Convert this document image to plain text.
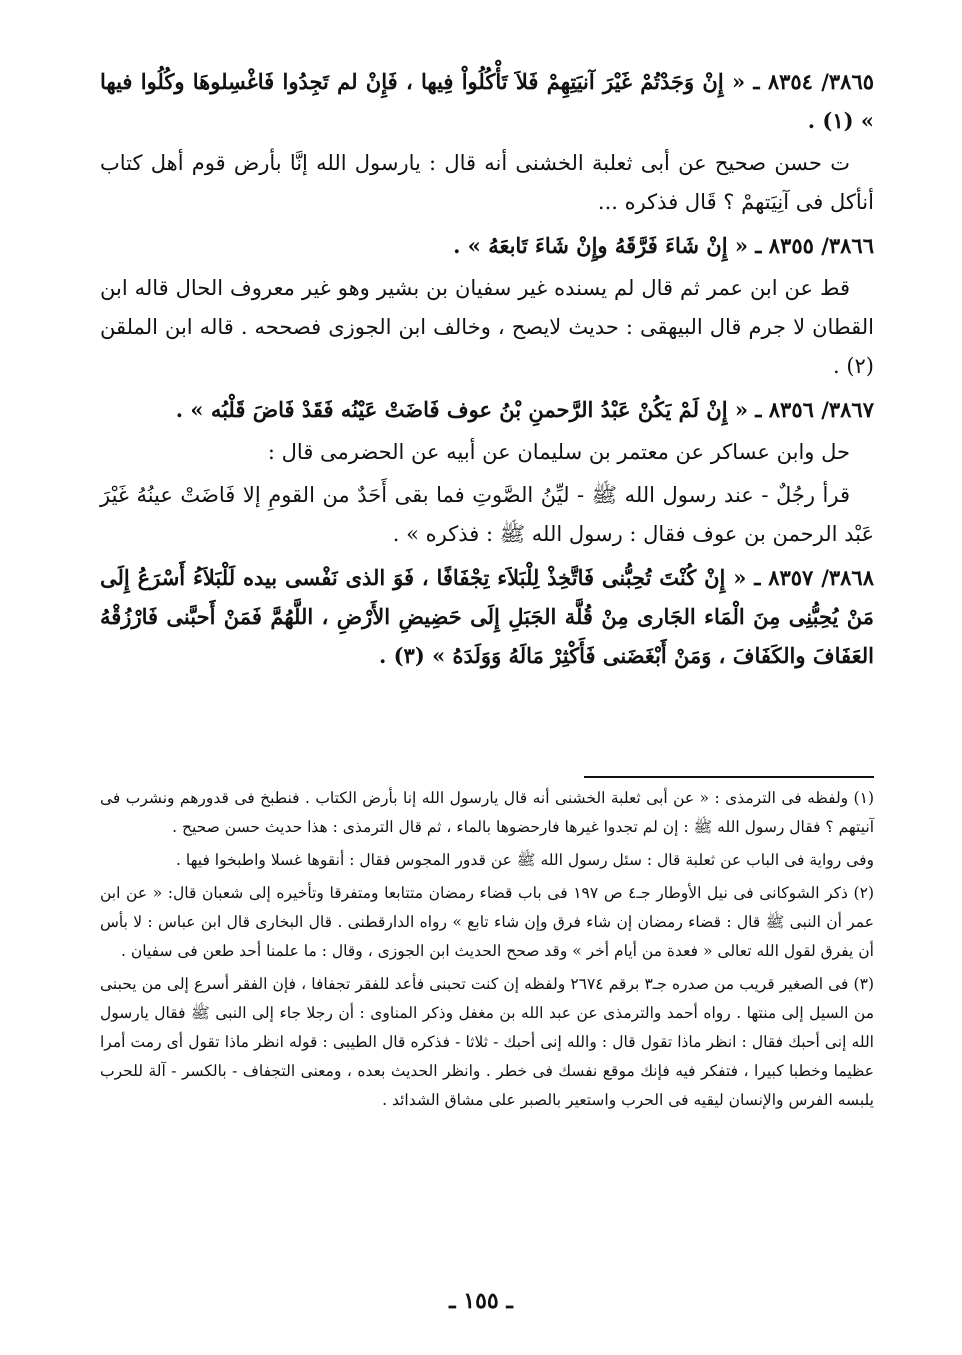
٣٨٦٥/ ٨٣٥٤ ـ « إِنْ وَجَدْتُمْ غَيْرَ آنيَتِهِمْ فَلاَ تَأْكُلُواْ فِيها ، فَإِنْ لم تَجِدُوا فَاغْسِلوهَا وكُلُوا فيها » (١) .

ت حسن صحيح عن أبى ثعلبة الخشنى أنه قال : يارسول الله إنَّا بأرض قوم أهل كتاب أنأكل فى آنِيَتهمْ ؟ قَال فذكره ...

٣٨٦٦/ ٨٣٥٥ ـ « إِنْ شَاءَ فَرَّقَهُ وإِنْ شَاءَ تَابعَهُ » .

قط عن ابن عمر ثم قال لم يسنده غير سفيان بن بشير وهو غير معروف الحال قاله ابن القطان لا جرم قال البيهقى : حديث لايصح ، وخالف ابن الجوزى فصححه . قاله ابن الملقن (٢) .

٣٨٦٧/ ٨٣٥٦ ـ « إِنْ لَمْ يَكُنْ عَبْدُ الرَّحمنِ بْنُ عوف فَاضَتْ عَيْنُه فَقَدْ فَاضَ قَلْبُه » .

حل وابن عساكر عن معتمر بن سليمان عن أبيه عن الحضرمى قال :

قرأ رجُلٌ - عند رسول الله ﷺ - ليِّنُ الصَّوتِ فما بقى أَحَدٌ من القومِ إلا فَاضَتْ عينُهُ غَيْرَ عَبْد الرحمن بن عوف فقال : رسول الله ﷺ : فذكره » .

٣٨٦٨/ ٨٣٥٧ ـ « إِنْ كُنْتَ تُحِبُّنى فَاتَّخِذْ لِلْبَلاَء تِجْفَافًا ، فَوَ الذى نَفْسى بيده لَلْبَلاَءُ أَسْرَعُ إِلَى مَنْ يُحِبُّنِى مِنَ الْمَاء الجَارى مِنْ قُلَّة الجَبَلِ إِلَى حَضِيضِ الأَرْضِ ، اللَّهُمَّ فَمَنْ أَحبَّنى فَارْزُقْهُ العَفَافَ والكَفَافَ ، وَمَنْ أَبْغَضَنى فَأَكْثِرْ مَالَهُ وَوَلَدَهُ » (٣) .

(١) ولفظه فى الترمذى : « عن أبى ثعلبة الخشنى أنه قال يارسول الله إنا بأرض الكتاب . فنطبخ فى قدورهم ونشرب فى آنيتهم ؟ فقال رسول الله ﷺ : إن لم تجدوا غيرها فارحضوها بالماء ، ثم قال الترمذى : هذا حديث حسن صحيح .

وفى رواية فى الباب عن ثعلبة قال : سئل رسول الله ﷺ عن قدور المجوس فقال : أنقوها غسلا واطبخوا فيها .

(٢) ذكر الشوكانى فى نيل الأوطار جـ٤ ص ١٩٧ فى باب قضاء رمضان متتابعا ومتفرقا وتأخيره إلى شعبان قال: « عن ابن عمر أن النبى ﷺ قال : قضاء رمضان إن شاء فرق وإن شاء تابع » رواه الدارقطنى . قال البخارى قال ابن عباس : لا بأس أن يفرق لقول الله تعالى « فعدة من أيام أخر » وقد صحح الحديث ابن الجوزى ، وقال : ما علمنا أحد طعن فى سفيان .

(٣) فى الصغير قريب من صدره جـ٣ برقم ٢٦٧٤ ولفظه إن كنت تحبنى فأعد للفقر تجفافا ، فإن الفقر أسرع إلى من يحبنى من السيل إلى منتها . رواه أحمد والترمذى عن عبد الله بن مغفل وذكر المناوى : أن رجلا جاء إلى النبى ﷺ فقال يارسول الله إنى أحبك فقال : انظر ماذا تقول قال : والله إنى أحبك - ثلاثا - فذكره قال الطيبى : قوله انظر ماذا تقول أى رمت أمرا عظيما وخطبا كبيرا ، فتفكر فيه فإنك موقع نفسك فى خطر . وانظر الحديث بعده ، ومعنى التجفاف - بالكسر - آلة للحرب يلبسه الفرس والإنسان ليقيه فى الحرب واستعير بالصبر على مشاق الشدائد .

ـ ١٥٥ ـ
